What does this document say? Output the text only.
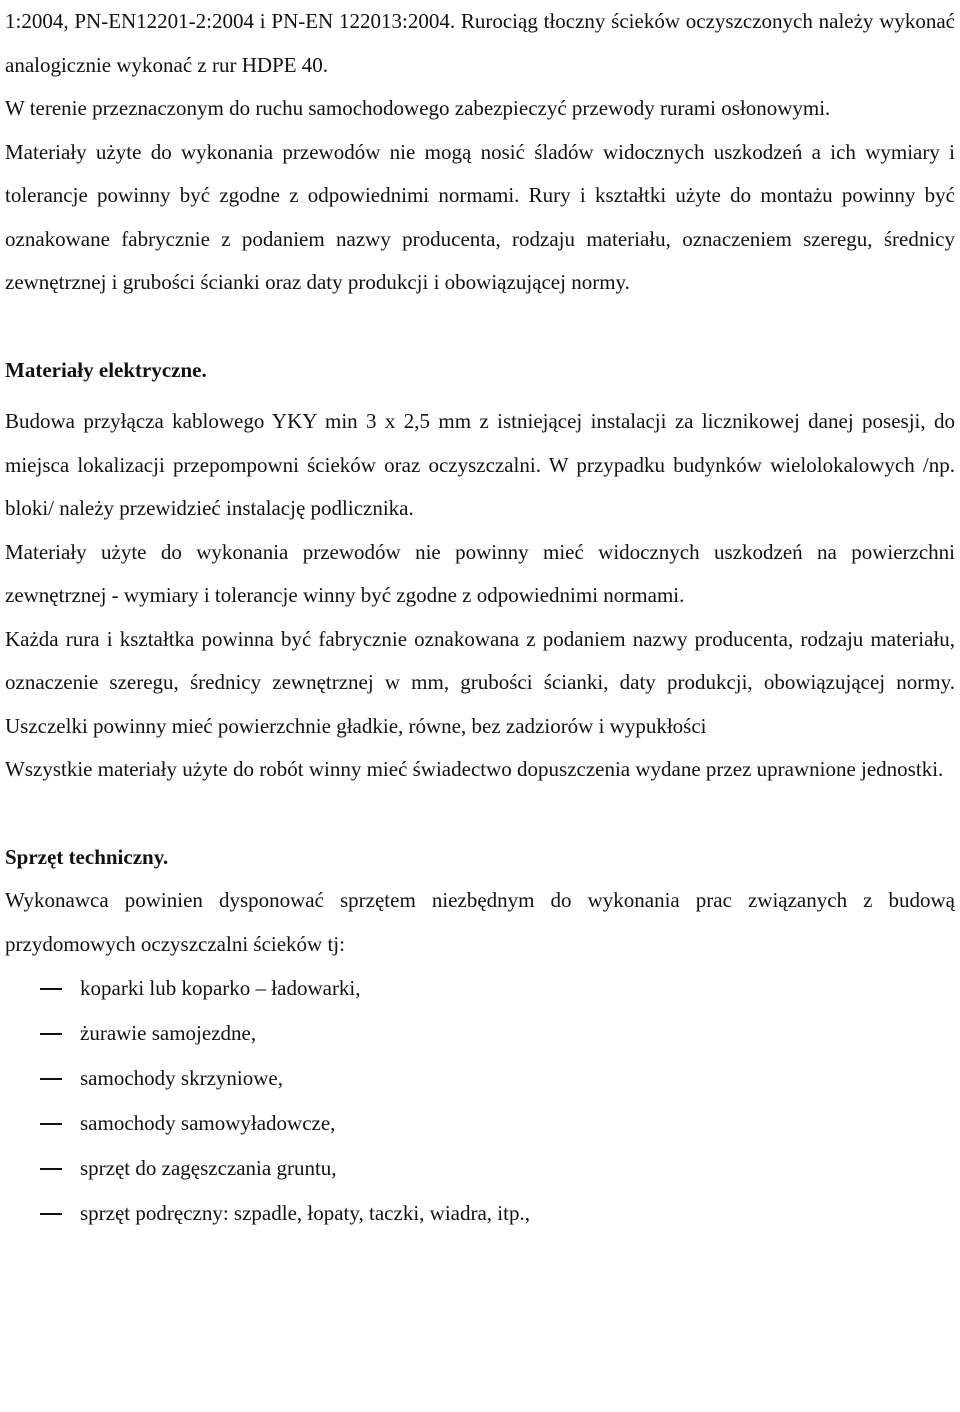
1:2004, PN-EN12201-2:2004 i PN-EN 122013:2004. Rurociąg tłoczny ścieków oczyszczonych należy wykonać analogicznie wykonać z rur HDPE 40.

W terenie przeznaczonym do ruchu samochodowego zabezpieczyć przewody rurami osłonowymi.

Materiały użyte do wykonania przewodów nie mogą nosić śladów widocznych uszkodzeń a ich wymiary i tolerancje powinny być zgodne z odpowiednimi normami. Rury i kształtki użyte do montażu powinny być oznakowane fabrycznie z podaniem nazwy producenta, rodzaju materiału, oznaczeniem szeregu, średnicy zewnętrznej i grubości ścianki oraz daty produkcji i obowiązującej normy.

Materiały elektryczne.

Budowa przyłącza kablowego YKY min 3 x 2,5 mm z istniejącej instalacji za licznikowej danej posesji, do miejsca lokalizacji przepompowni ścieków oraz oczyszczalni. W przypadku budynków wielolokalowych /np. bloki/ należy przewidzieć instalację podlicznika.

Materiały użyte do wykonania przewodów nie powinny mieć widocznych uszkodzeń na powierzchni zewnętrznej - wymiary i tolerancje winny być zgodne z odpowiednimi normami.

Każda rura i kształtka powinna być fabrycznie oznakowana z podaniem nazwy producenta, rodzaju materiału, oznaczenie szeregu, średnicy zewnętrznej w mm, grubości ścianki, daty produkcji, obowiązującej normy. Uszczelki powinny mieć powierzchnie gładkie, równe, bez zadziorów i wypukłości

Wszystkie materiały użyte do robót winny mieć świadectwo dopuszczenia wydane przez uprawnione jednostki.

Sprzęt techniczny.

Wykonawca powinien dysponować sprzętem niezbędnym do wykonania prac związanych z budową przydomowych oczyszczalni ścieków tj:

koparki lub koparko – ładowarki,
żurawie samojezdne,
samochody skrzyniowe,
samochody samowyładowcze,
sprzęt do zagęszczania gruntu,
sprzęt podręczny: szpadle, łopaty, taczki, wiadra, itp.,
